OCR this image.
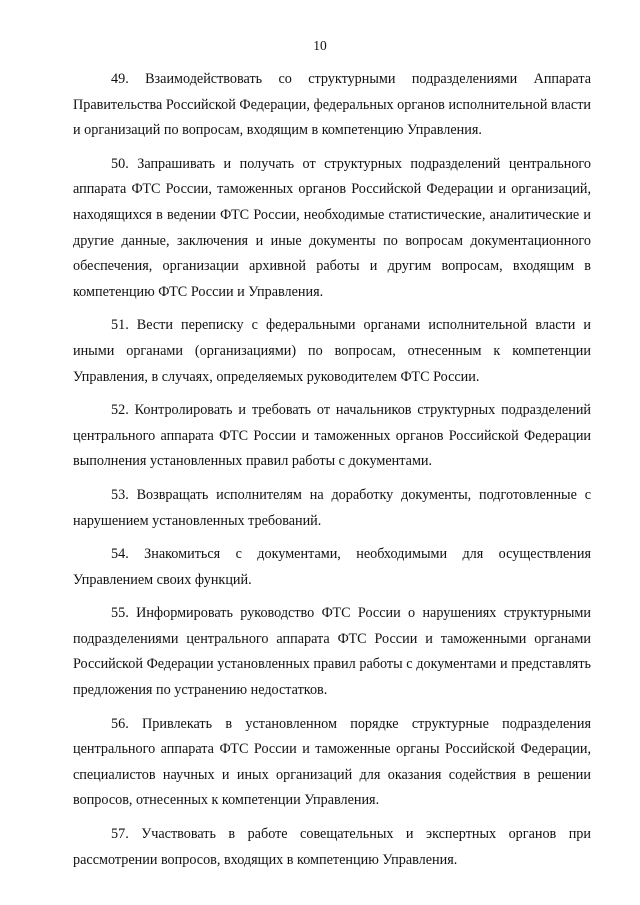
10

49. Взаимодействовать со структурными подразделениями Аппарата Правительства Российской Федерации, федеральных органов исполнительной власти и организаций по вопросам, входящим в компетенцию Управления.

50. Запрашивать и получать от структурных подразделений центрального аппарата ФТС России, таможенных органов Российской Федерации и организаций, находящихся в ведении ФТС России, необходимые статистические, аналитические и другие данные, заключения и иные документы по вопросам документационного обеспечения, организации архивной работы и другим вопросам, входящим в компетенцию ФТС России и Управления.

51. Вести переписку с федеральными органами исполнительной власти и иными органами (организациями) по вопросам, отнесенным к компетенции Управления, в случаях, определяемых руководителем ФТС России.

52. Контролировать и требовать от начальников структурных подразделений центрального аппарата ФТС России и таможенных органов Российской Федерации выполнения установленных правил работы с документами.

53. Возвращать исполнителям на доработку документы, подготовленные с нарушением установленных требований.

54. Знакомиться с документами, необходимыми для осуществления Управлением своих функций.

55. Информировать руководство ФТС России о нарушениях структурными подразделениями центрального аппарата ФТС России и таможенными органами Российской Федерации установленных правил работы с документами и представлять предложения по устранению недостатков.

56. Привлекать в установленном порядке структурные подразделения центрального аппарата ФТС России и таможенные органы Российской Федерации, специалистов научных и иных организаций для оказания содействия в решении вопросов, отнесенных к компетенции Управления.

57. Участвовать в работе совещательных и экспертных органов при рассмотрении вопросов, входящих в компетенцию Управления.
